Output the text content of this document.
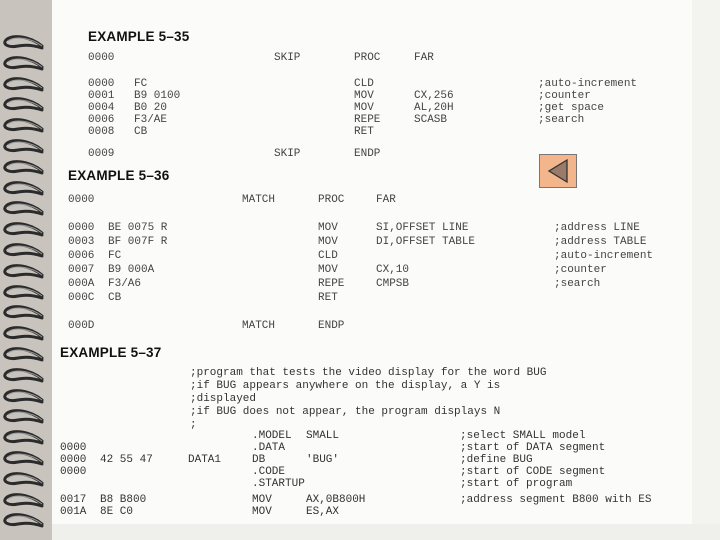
EXAMPLE 5–35
EXAMPLE 5–36
EXAMPLE 5–37
0000	SKIP	PROC	FAR
0000 FC	CLD	;auto-increment
0001 B9 0100	MOV	CX,256	;counter
0004 B0 20	MOV	AL,20H	;get space
0006 F3/AE	REPE	SCASB	;search
0008 CB	RET
0009	SKIP	ENDP
0000	MATCH	PROC	FAR
0000 BE 0075 R	MOV	SI,OFFSET LINE	;address LINE
0003 BF 007F R	MOV	DI,OFFSET TABLE	;address TABLE
0006 FC	CLD	;auto-increment
0007 B9 000A	MOV	CX,10	;counter
000A F3/A6	REPE	CMPSB	;search
000C CB	RET
000D	MATCH	ENDP
.MODEL SMALL	;select SMALL model
0000	.DATA	;start of DATA segment
0000 42 55 47	DATA1	DB	'BUG'	;define BUG
0000	.CODE	;start of CODE segment
.STARTUP	;start of program
0017 B8 B800	MOV	AX,0B800H	;address segment B800 with ES
001A 8E C0	MOV	ES,AX
;program that tests the video display for the word BUG
;if BUG appears anywhere on the display, a Y is
;displayed
;if BUG does not appear, the program displays N
;
